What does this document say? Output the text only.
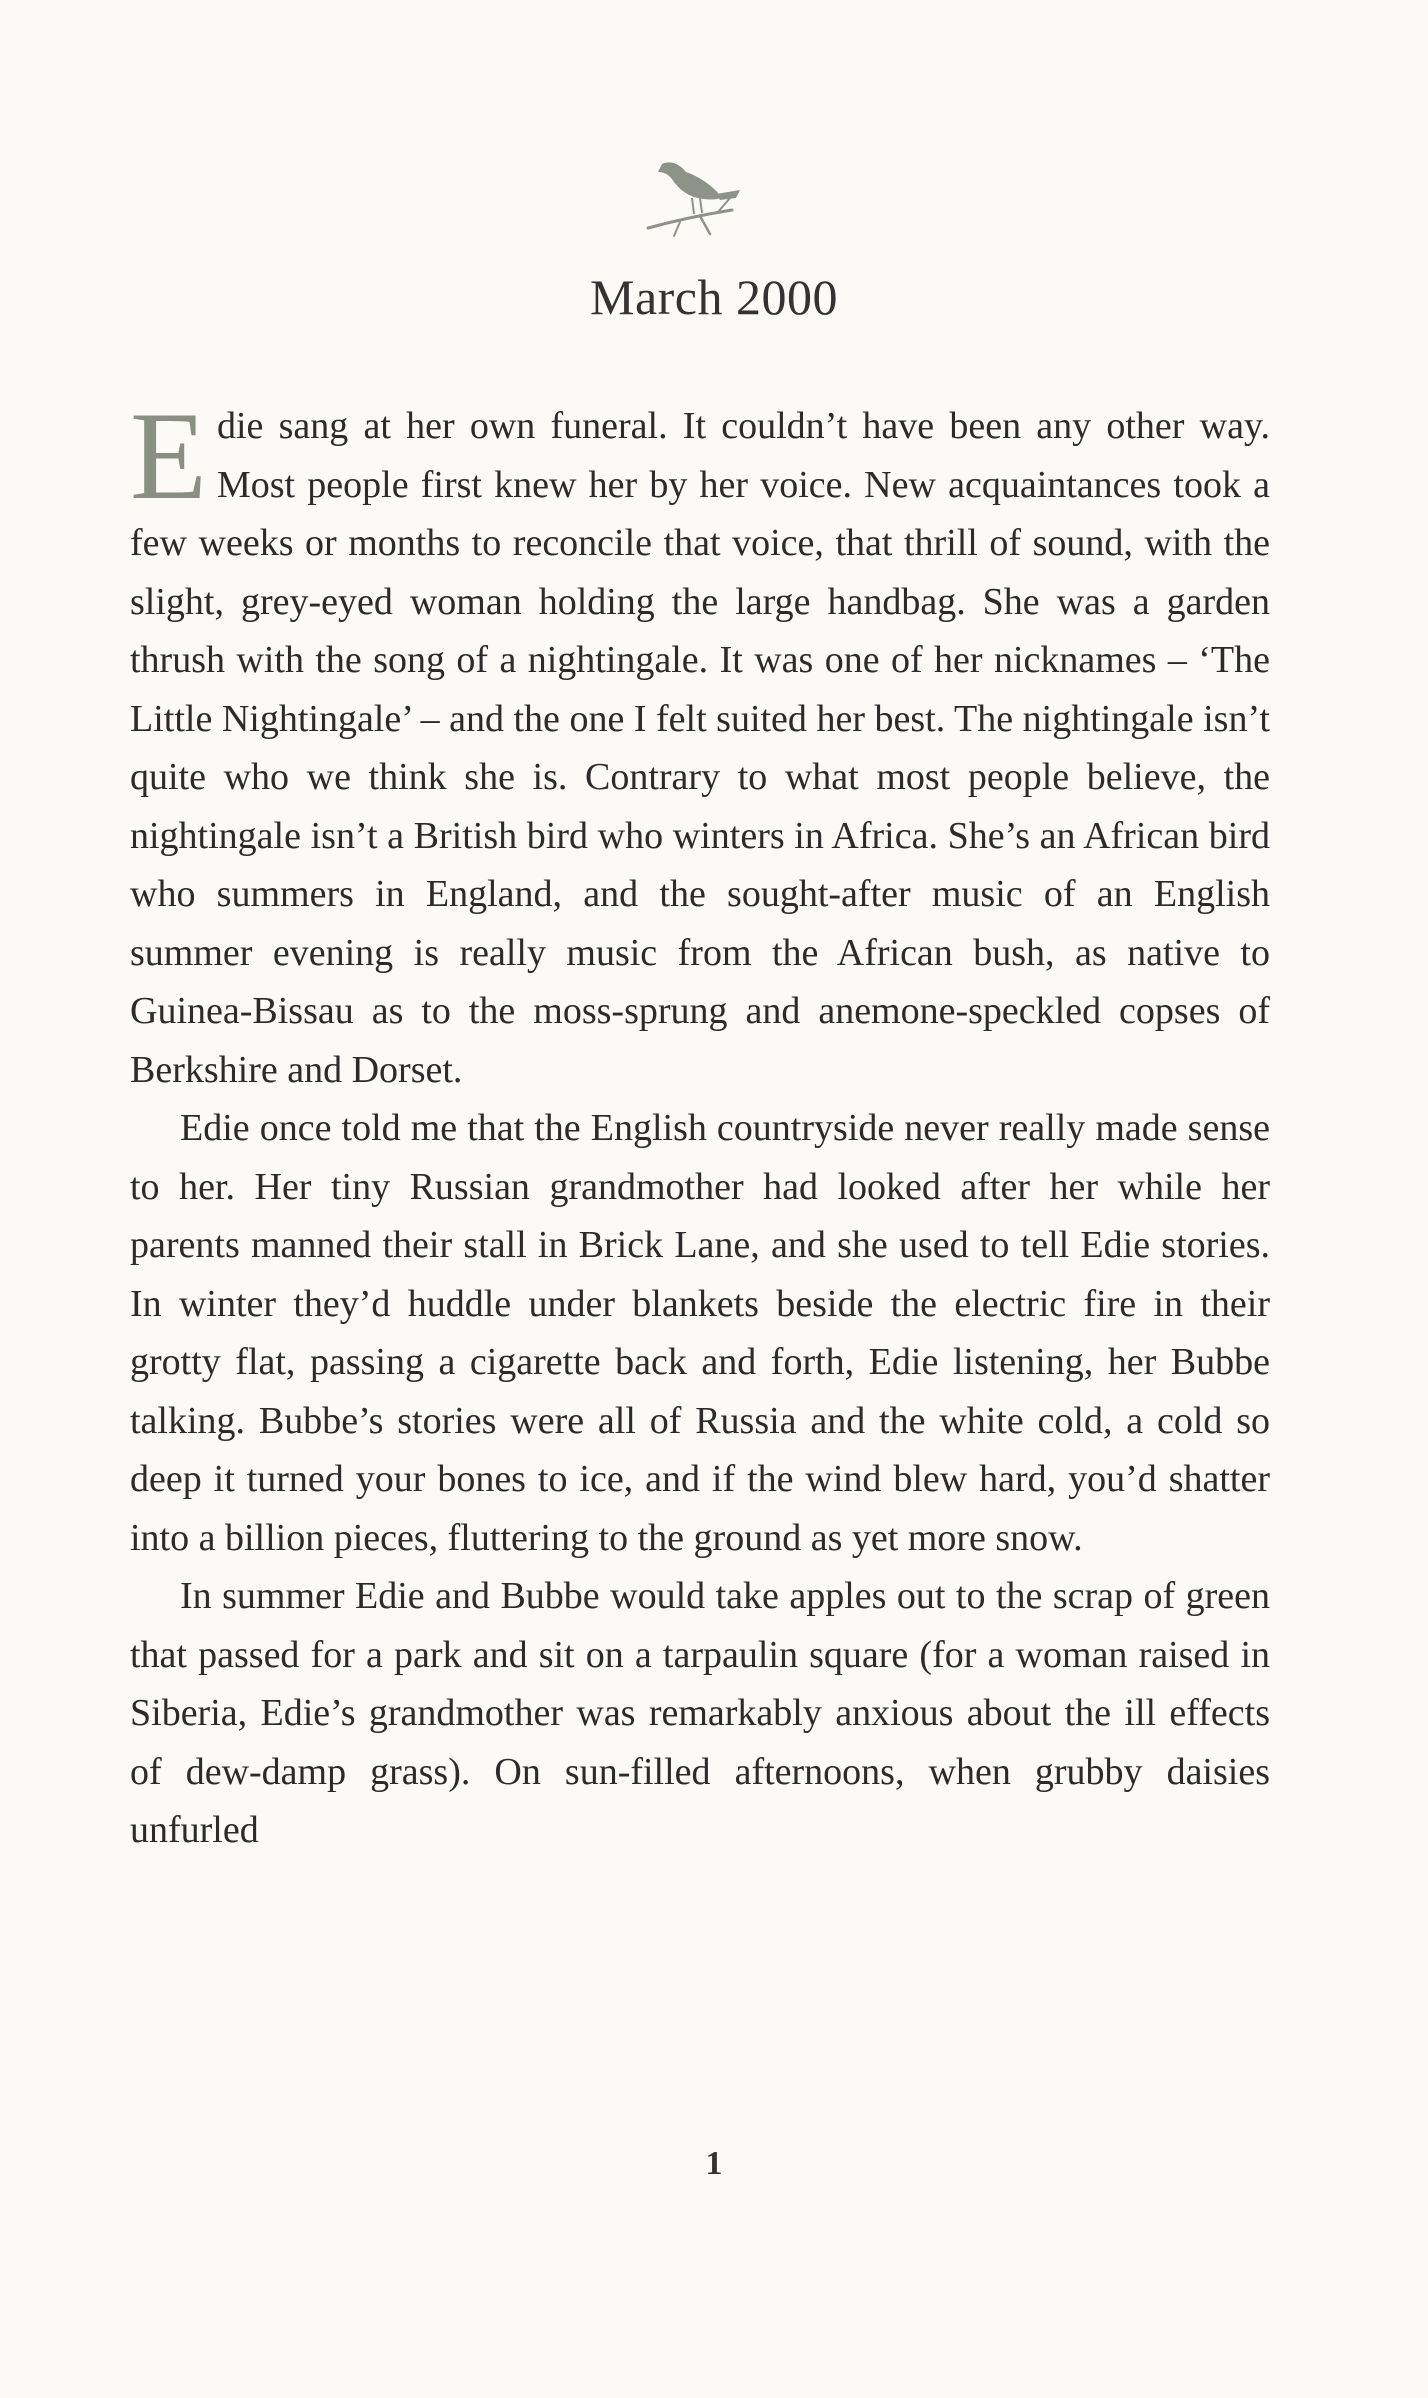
March 2000

Edie sang at her own funeral. It couldn’t have been any other way. Most people first knew her by her voice. New acquaintances took a few weeks or months to reconcile that voice, that thrill of sound, with the slight, grey-eyed woman holding the large handbag. She was a garden thrush with the song of a nightingale. It was one of her nicknames – ‘The Little Nightingale’ – and the one I felt suited her best. The nightingale isn’t quite who we think she is. Contrary to what most people believe, the nightingale isn’t a British bird who winters in Africa. She’s an African bird who summers in England, and the sought-after music of an English summer evening is really music from the African bush, as native to Guinea-Bissau as to the moss-sprung and anemone-speckled copses of Berkshire and Dorset.

Edie once told me that the English countryside never really made sense to her. Her tiny Russian grandmother had looked after her while her parents manned their stall in Brick Lane, and she used to tell Edie stories. In winter they’d huddle under blankets beside the electric fire in their grotty flat, passing a cigarette back and forth, Edie listening, her Bubbe talking. Bubbe’s stories were all of Russia and the white cold, a cold so deep it turned your bones to ice, and if the wind blew hard, you’d shatter into a billion pieces, fluttering to the ground as yet more snow.

In summer Edie and Bubbe would take apples out to the scrap of green that passed for a park and sit on a tarpaulin square (for a woman raised in Siberia, Edie’s grandmother was remarkably anxious about the ill effects of dew-damp grass). On sun-filled afternoons, when grubby daisies unfurled

1
